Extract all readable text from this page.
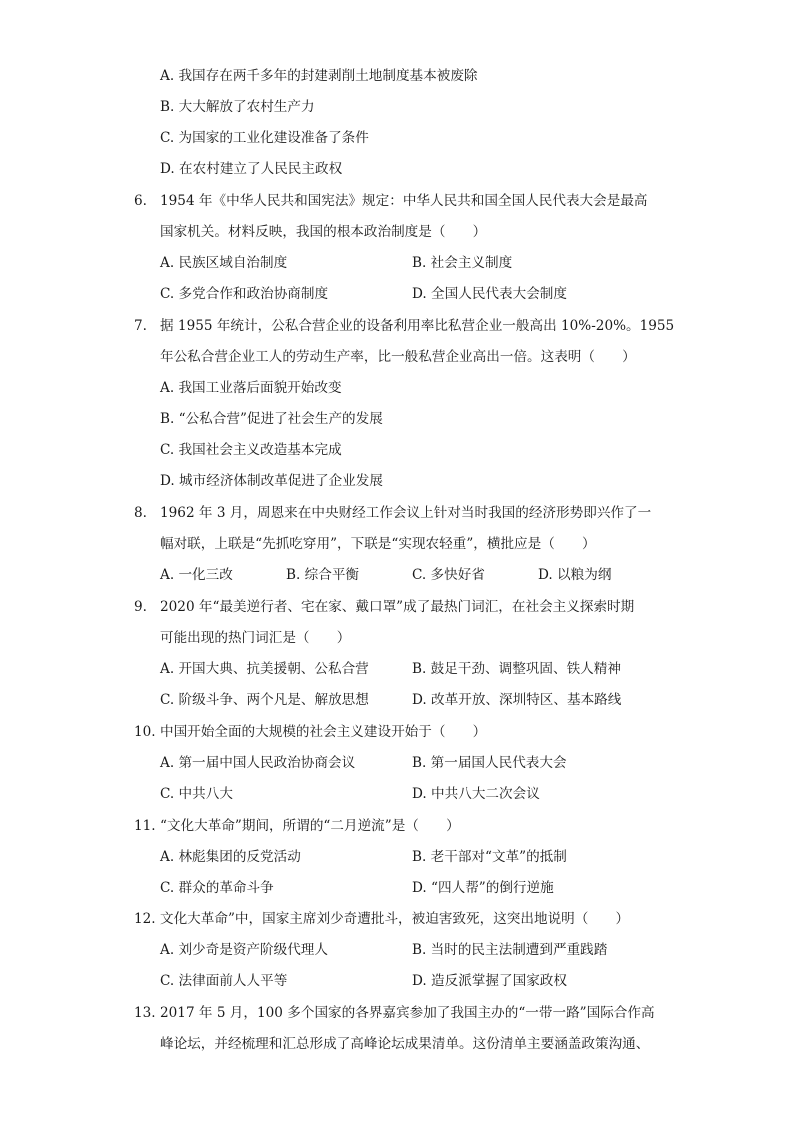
A. 我国存在两千多年的封建剥削土地制度基本被废除
B. 大大解放了农村生产力
C. 为国家的工业化建设准备了条件
D. 在农村建立了人民民主政权
6. 1954 年《中华人民共和国宪法》规定：中华人民共和国全国人民代表大会是最高
国家机关。材料反映，我国的根本政治制度是（　　）
A. 民族区域自治制度	B. 社会主义制度
C. 多党合作和政治协商制度	D. 全国人民代表大会制度
7. 据 1955 年统计，公私合营企业的设备利用率比私营企业一般高出 10%-20%。1955
年公私合营企业工人的劳动生产率，比一般私营企业高出一倍。这表明（　　）
A. 我国工业落后面貌开始改变
B. “公私合营”促进了社会生产的发展
C. 我国社会主义改造基本完成
D. 城市经济体制改革促进了企业发展
8. 1962 年 3 月，周恩来在中央财经工作会议上针对当时我国的经济形势即兴作了一
幅对联，上联是“先抓吃穿用”，下联是“实现农轻重”，横批应是（　　）
A. 一化三改	B. 综合平衡	C. 多快好省	D. 以粮为纲
9. 2020 年“最美逆行者、宅在家、戴口罩”成了最热门词汇，在社会主义探索时期
可能出现的热门词汇是（　　）
A. 开国大典、抗美援朝、公私合营	B. 鼓足干劲、调整巩固、铁人精神
C. 阶级斗争、两个凡是、解放思想	D. 改革开放、深圳特区、基本路线
10. 中国开始全面的大规模的社会主义建设开始于（　　）
A. 第一届中国人民政治协商会议	B. 第一届国人民代表大会
C. 中共八大	D. 中共八大二次会议
11. “文化大革命”期间，所谓的“二月逆流”是（　　）
A. 林彪集团的反党活动	B. 老干部对“文革”的抵制
C. 群众的革命斗争	D. “四人帮”的倒行逆施
12. 文化大革命”中，国家主席刘少奇遭批斗，被迫害致死，这突出地说明（　　）
A. 刘少奇是资产阶级代理人	B. 当时的民主法制遭到严重践踏
C. 法律面前人人平等	D. 造反派掌握了国家政权
13. 2017 年 5 月，100 多个国家的各界嘉宾参加了我国主办的“一带一路”国际合作高
峰论坛，并经梳理和汇总形成了高峰论坛成果清单。这份清单主要涵盖政策沟通、
